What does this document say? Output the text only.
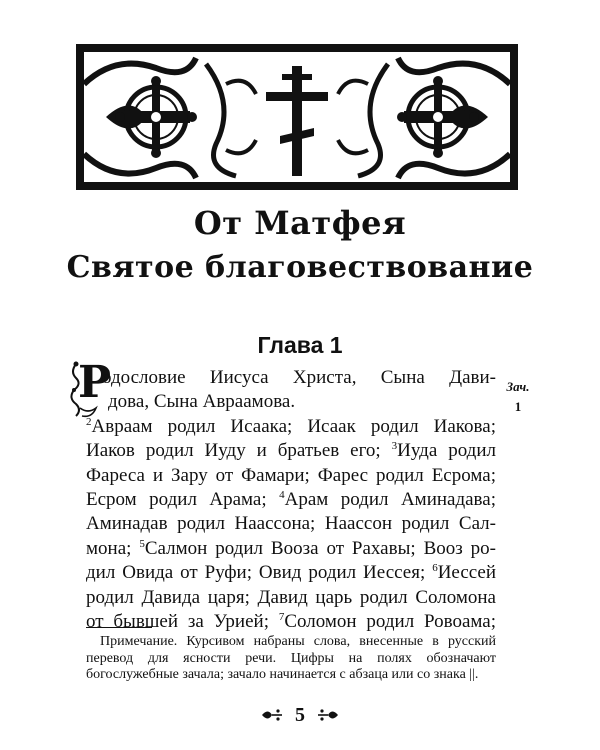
От Матфея
Святое благовествование
Глава 1
Р
одословие Иисуса Христа, Сына Дави-
дова, Сына Авраамова.
$^2$Авраам родил Исаака; Исаак родил Иакова;
Иаков родил Иуду и братьев его; $^3$Иуда родил
Фареса и Зару от Фамари; Фарес родил Есрома;
Есром родил Арама; $^4$Арам родил Аминадава;
Аминадав родил Наассона; Наассон родил Сал-
мона; $^5$Салмон родил Вооза от Рахавы; Вооз ро-
дил Овида от Руфи; Овид родил Иессея; $^6$Иессей
родил Давида царя; Давид царь родил Соломона
от бывшей за Урией; $^7$Соломон родил Ровоама;
Зач.
1
Примечание. Курсивом набраны слова, внесенные в русский
перевод для ясности речи. Цифры на полях обозначают
богослужебные зачала; зачало начинается с абзаца или со знака ||.
5
